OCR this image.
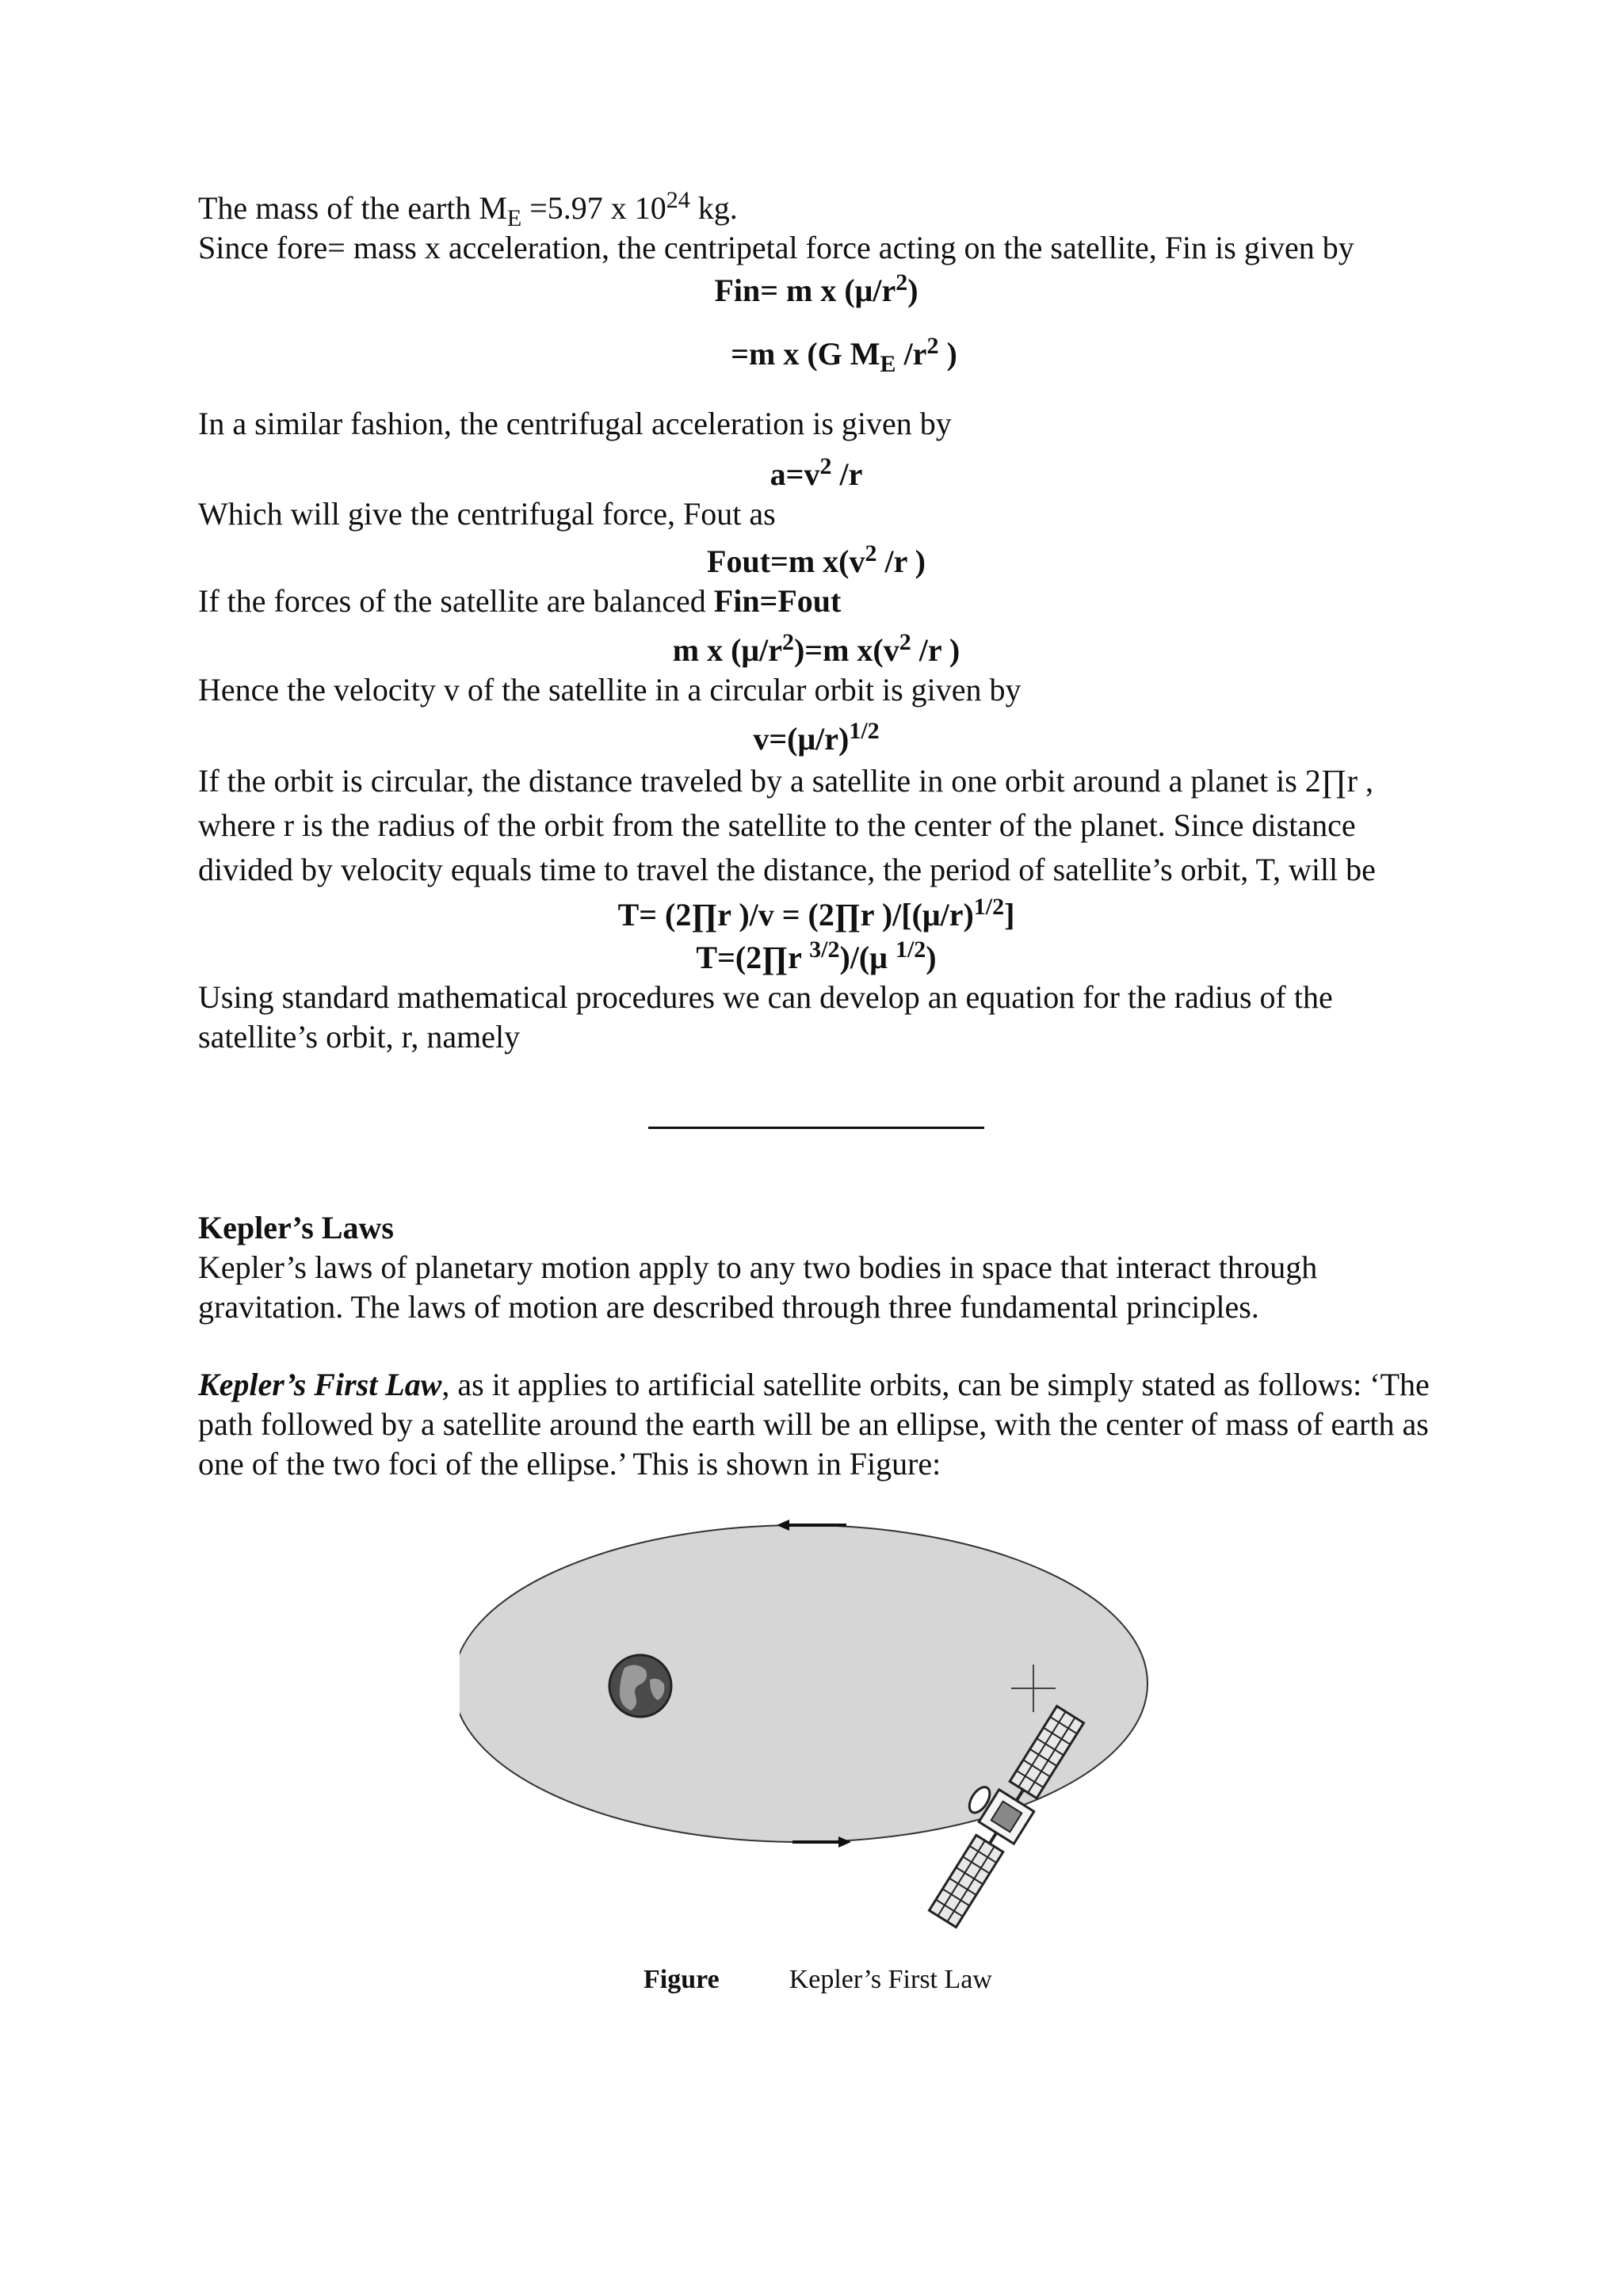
The mass of the earth $M_E =5.97$ x $10^{24}$ kg.

Since fore= mass x acceleration, the centripetal force acting on the satellite, Fin is given by

Fin= m x $(\mu/r^2)$

=m x (G $M_E$ $/r^2$ )

In a similar fashion, the centrifugal acceleration is given by

$a=v^2$ /r

Which will give the centrifugal force, Fout as

Fout=m $x(v^2$ /r )

If the forces of the satellite are balanced Fin=Fout

m x $(\mu/r^2)=m$ $x(v^2$ /r )

Hence the velocity v of the satellite in a circular orbit is given by

$v=(\mu/r)^{1/2}$

If the orbit is circular, the distance traveled by a satellite in one orbit around a planet is 2∏r , where r is the radius of the orbit from the satellite to the center of the planet. Since distance divided by velocity equals time to travel the distance, the period of satellite’s orbit, T, will be

T= (2∏r )/v = (2∏r )$/[(\mu/r)^{1/2}]$

T=(2∏r $^{3/2}$)/(μ $^{1/2}$)

Using standard mathematical procedures we can develop an equation for the radius of the satellite’s orbit, r, namely

Kepler’s Laws

Kepler’s laws of planetary motion apply to any two bodies in space that interact through gravitation. The laws of motion are described through three fundamental principles.

Kepler’s First Law, as it applies to artificial satellite orbits, can be simply stated as follows: ‘The path followed by a satellite around the earth will be an ellipse, with the center of mass of earth as one of the two foci of the ellipse.’ This is shown in Figure:

Figure	Kepler’s First Law
